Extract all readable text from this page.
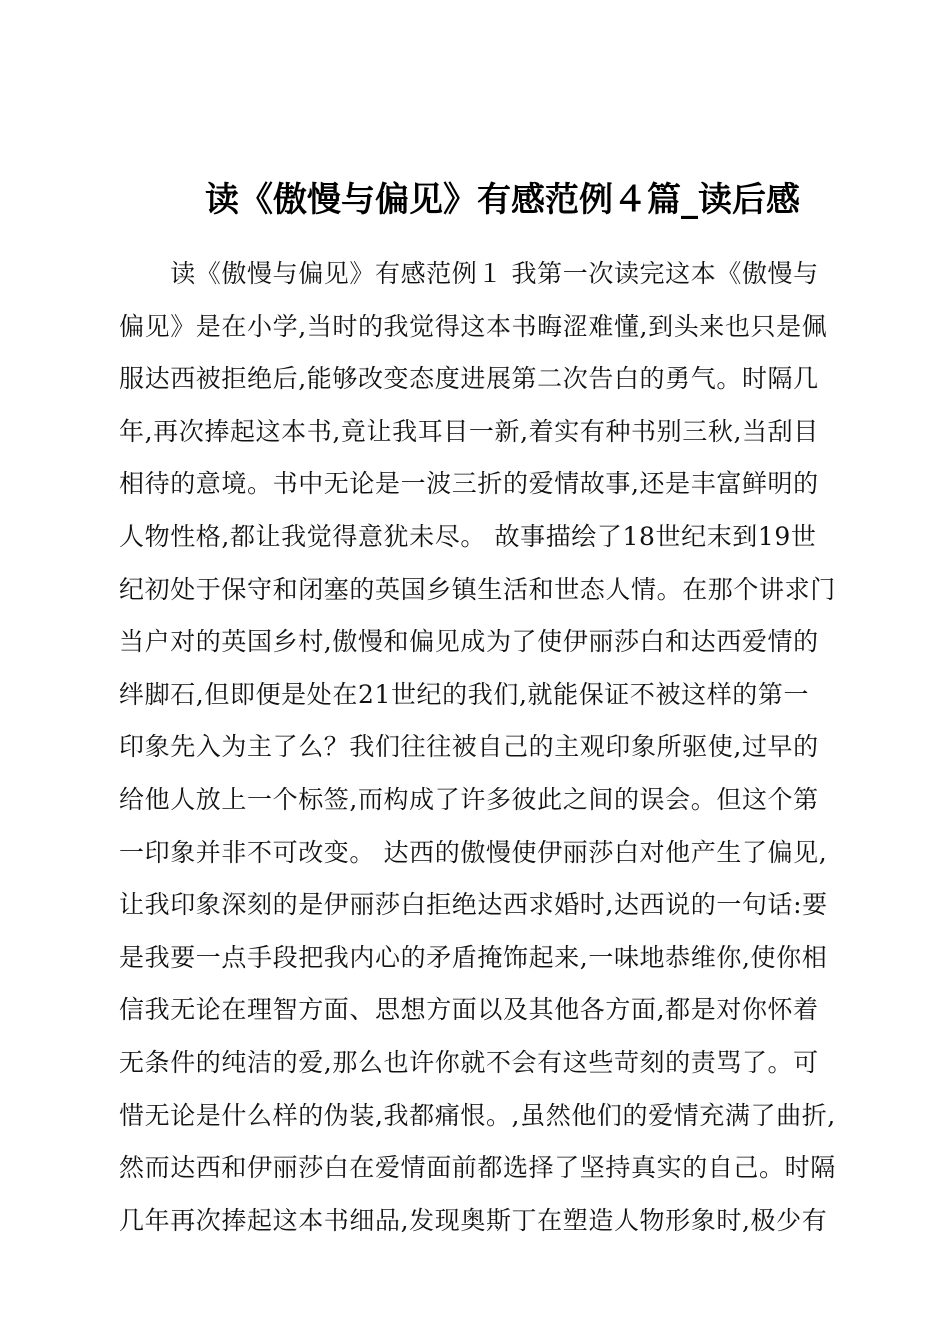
读《傲慢与偏见》有感范例４篇_读后感
　　读《傲慢与偏见》有感范例１ 我第一次读完这本《傲慢与
偏见》是在小学,当时的我觉得这本书晦涩难懂,到头来也只是佩
服达西被拒绝后,能够改变态度进展第二次告白的勇气。时隔几
年,再次捧起这本书,竟让我耳目一新,着实有种书别三秋,当刮目
相待的意境。书中无论是一波三折的爱情故事,还是丰富鲜明的
人物性格,都让我觉得意犹未尽。 故事描绘了18世纪末到19世
纪初处于保守和闭塞的英国乡镇生活和世态人情。在那个讲求门
当户对的英国乡村,傲慢和偏见成为了使伊丽莎白和达西爱情的
绊脚石,但即便是处在21世纪的我们,就能保证不被这样的第一
印象先入为主了么？我们往往被自己的主观印象所驱使,过早的
给他人放上一个标签,而构成了许多彼此之间的误会。但这个第
一印象并非不可改变。 达西的傲慢使伊丽莎白对他产生了偏见,
让我印象深刻的是伊丽莎白拒绝达西求婚时,达西说的一句话:要
是我要一点手段把我内心的矛盾掩饰起来,一味地恭维你,使你相
信我无论在理智方面、思想方面以及其他各方面,都是对你怀着
无条件的纯洁的爱,那么也许你就不会有这些苛刻的责骂了。可
惜无论是什么样的伪装,我都痛恨。,虽然他们的爱情充满了曲折,
然而达西和伊丽莎白在爱情面前都选择了坚持真实的自己。时隔
几年再次捧起这本书细品,发现奥斯丁在塑造人物形象时,极少有
